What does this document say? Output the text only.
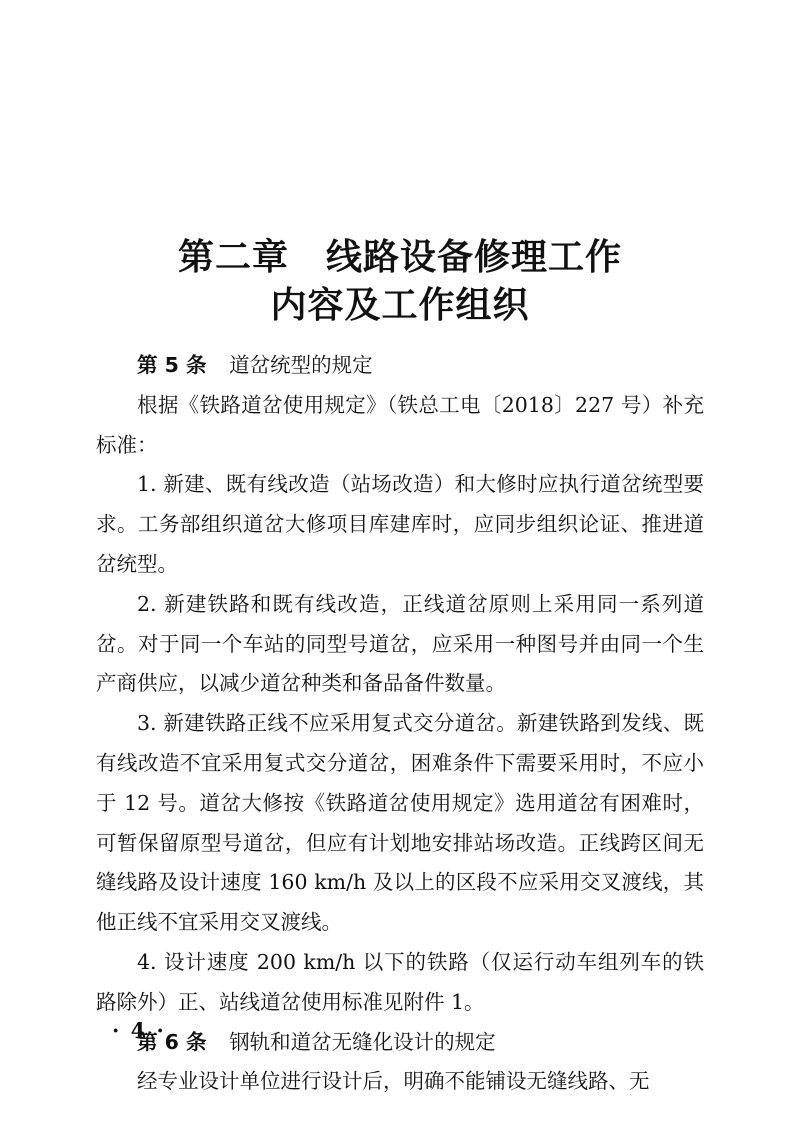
第二章　线路设备修理工作
内容及工作组织

第 5 条 道岔统型的规定

根据《铁路道岔使用规定》（铁总工电〔2018〕227 号）补充标准：

1. 新建、既有线改造（站场改造）和大修时应执行道岔统型要求。工务部组织道岔大修项目库建库时，应同步组织论证、推进道岔统型。

2. 新建铁路和既有线改造，正线道岔原则上采用同一系列道岔。对于同一个车站的同型号道岔，应采用一种图号并由同一个生产商供应，以减少道岔种类和备品备件数量。

3. 新建铁路正线不应采用复式交分道岔。新建铁路到发线、既有线改造不宜采用复式交分道岔，困难条件下需要采用时，不应小于 12 号。道岔大修按《铁路道岔使用规定》选用道岔有困难时，可暂保留原型号道岔，但应有计划地安排站场改造。正线跨区间无缝线路及设计速度 160 km/h 及以上的区段不应采用交叉渡线，其他正线不宜采用交叉渡线。

4. 设计速度 200 km/h 以下的铁路（仅运行动车组列车的铁路除外）正、站线道岔使用标准见附件 1。

第 6 条 钢轨和道岔无缝化设计的规定

经专业设计单位进行设计后，明确不能铺设无缝线路、无

· 4 ·
